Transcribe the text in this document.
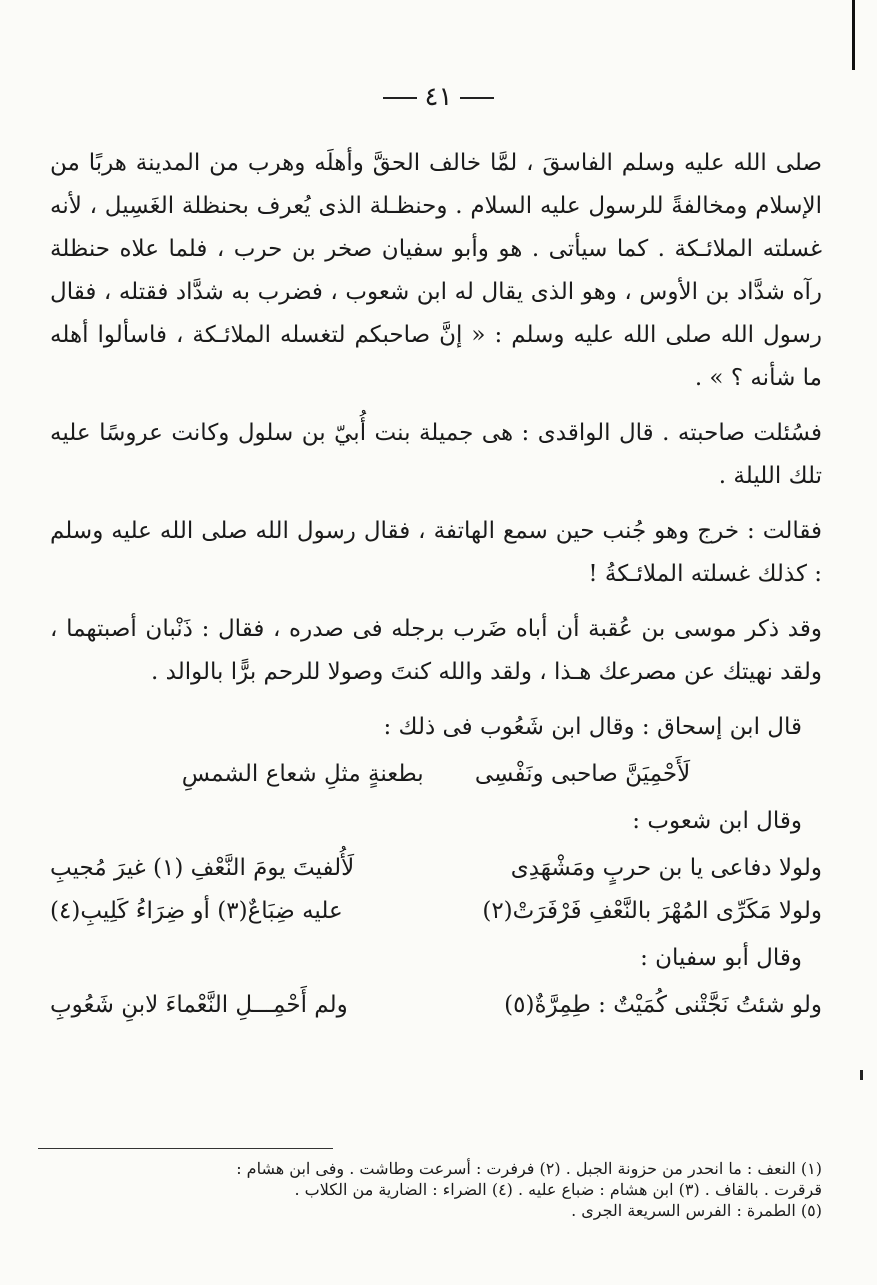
٤١

صلى الله عليه وسلم الفاسقَ ، لمَّا خالف الحقَّ وأهلَه وهرب من المدينة هربًا من الإسلام ومخالفةً للرسول عليه السلام . وحنظـلة الذى يُعرف بحنظلة الغَسِيل ، لأنه غسلته الملائـكة . كما سيأتى . هو وأبو سفيان صخر بن حرب ، فلما علاه حنظلة رآه شدَّاد بن الأوس ، وهو الذى يقال له ابن شعوب ، فضرب به شدَّاد فقتله ، فقال رسول الله صلى الله عليه وسلم : « إنَّ صاحبكم لتغسله الملائـكة ، فاسألوا أهله ما شأنه ؟ » .

فسُئلت صاحبته . قال الواقدى : هى جميلة بنت أُبيّ بن سلول وكانت عروسًا عليه تلك الليلة .

فقالت : خرج وهو جُنب حين سمع الهاتفة ، فقال رسول الله صلى الله عليه وسلم : كذلك غسلته الملائـكةُ !

وقد ذكر موسى بن عُقبة أن أباه ضَرب برجله فى صدره ، فقال : ذَنْبان أصبتهما ، ولقد نهيتك عن مصرعك هـذا ، ولقد والله كنتَ وصولا للرحم برًّا بالوالد .

قال ابن إسحاق : وقال ابن شَعُوب فى ذلك :
لَأَحْمِيَنَّ صاحبى ونَفْسِى       بطعنةٍ مثلِ شعاع الشمسِ
وقال ابن شعوب :
ولولا دفاعى يا بن حربٍ ومَشْهَدِى
لَأُلفيتَ يومَ النَّعْفِ (١) غيرَ مُجيبِ
ولولا مَكَرِّى المُهْرَ بالنَّعْفِ فَرْفَرَتْ(٢)
عليه ضِبَاعٌ(٣) أو ضِرَاءُ كَلِيبِ(٤)
وقال أبو سفيان :
ولو شئتُ نَجَّتْنى كُمَيْتٌ : طِمِرَّةٌ(٥)
ولم أَحْمِـــلِ النَّعْماءَ لابنِ شَعُوبِ
(١) النعف : ما انحدر من حزونة الجبل . (٢) فرفرت : أسرعت وطاشت . وفى ابن هشام :
قرقرت . بالقاف . (٣) ابن هشام : ضباع عليه . (٤) الضراء : الضارية من الكلاب .
(٥) الطمرة : الفرس السريعة الجرى .
